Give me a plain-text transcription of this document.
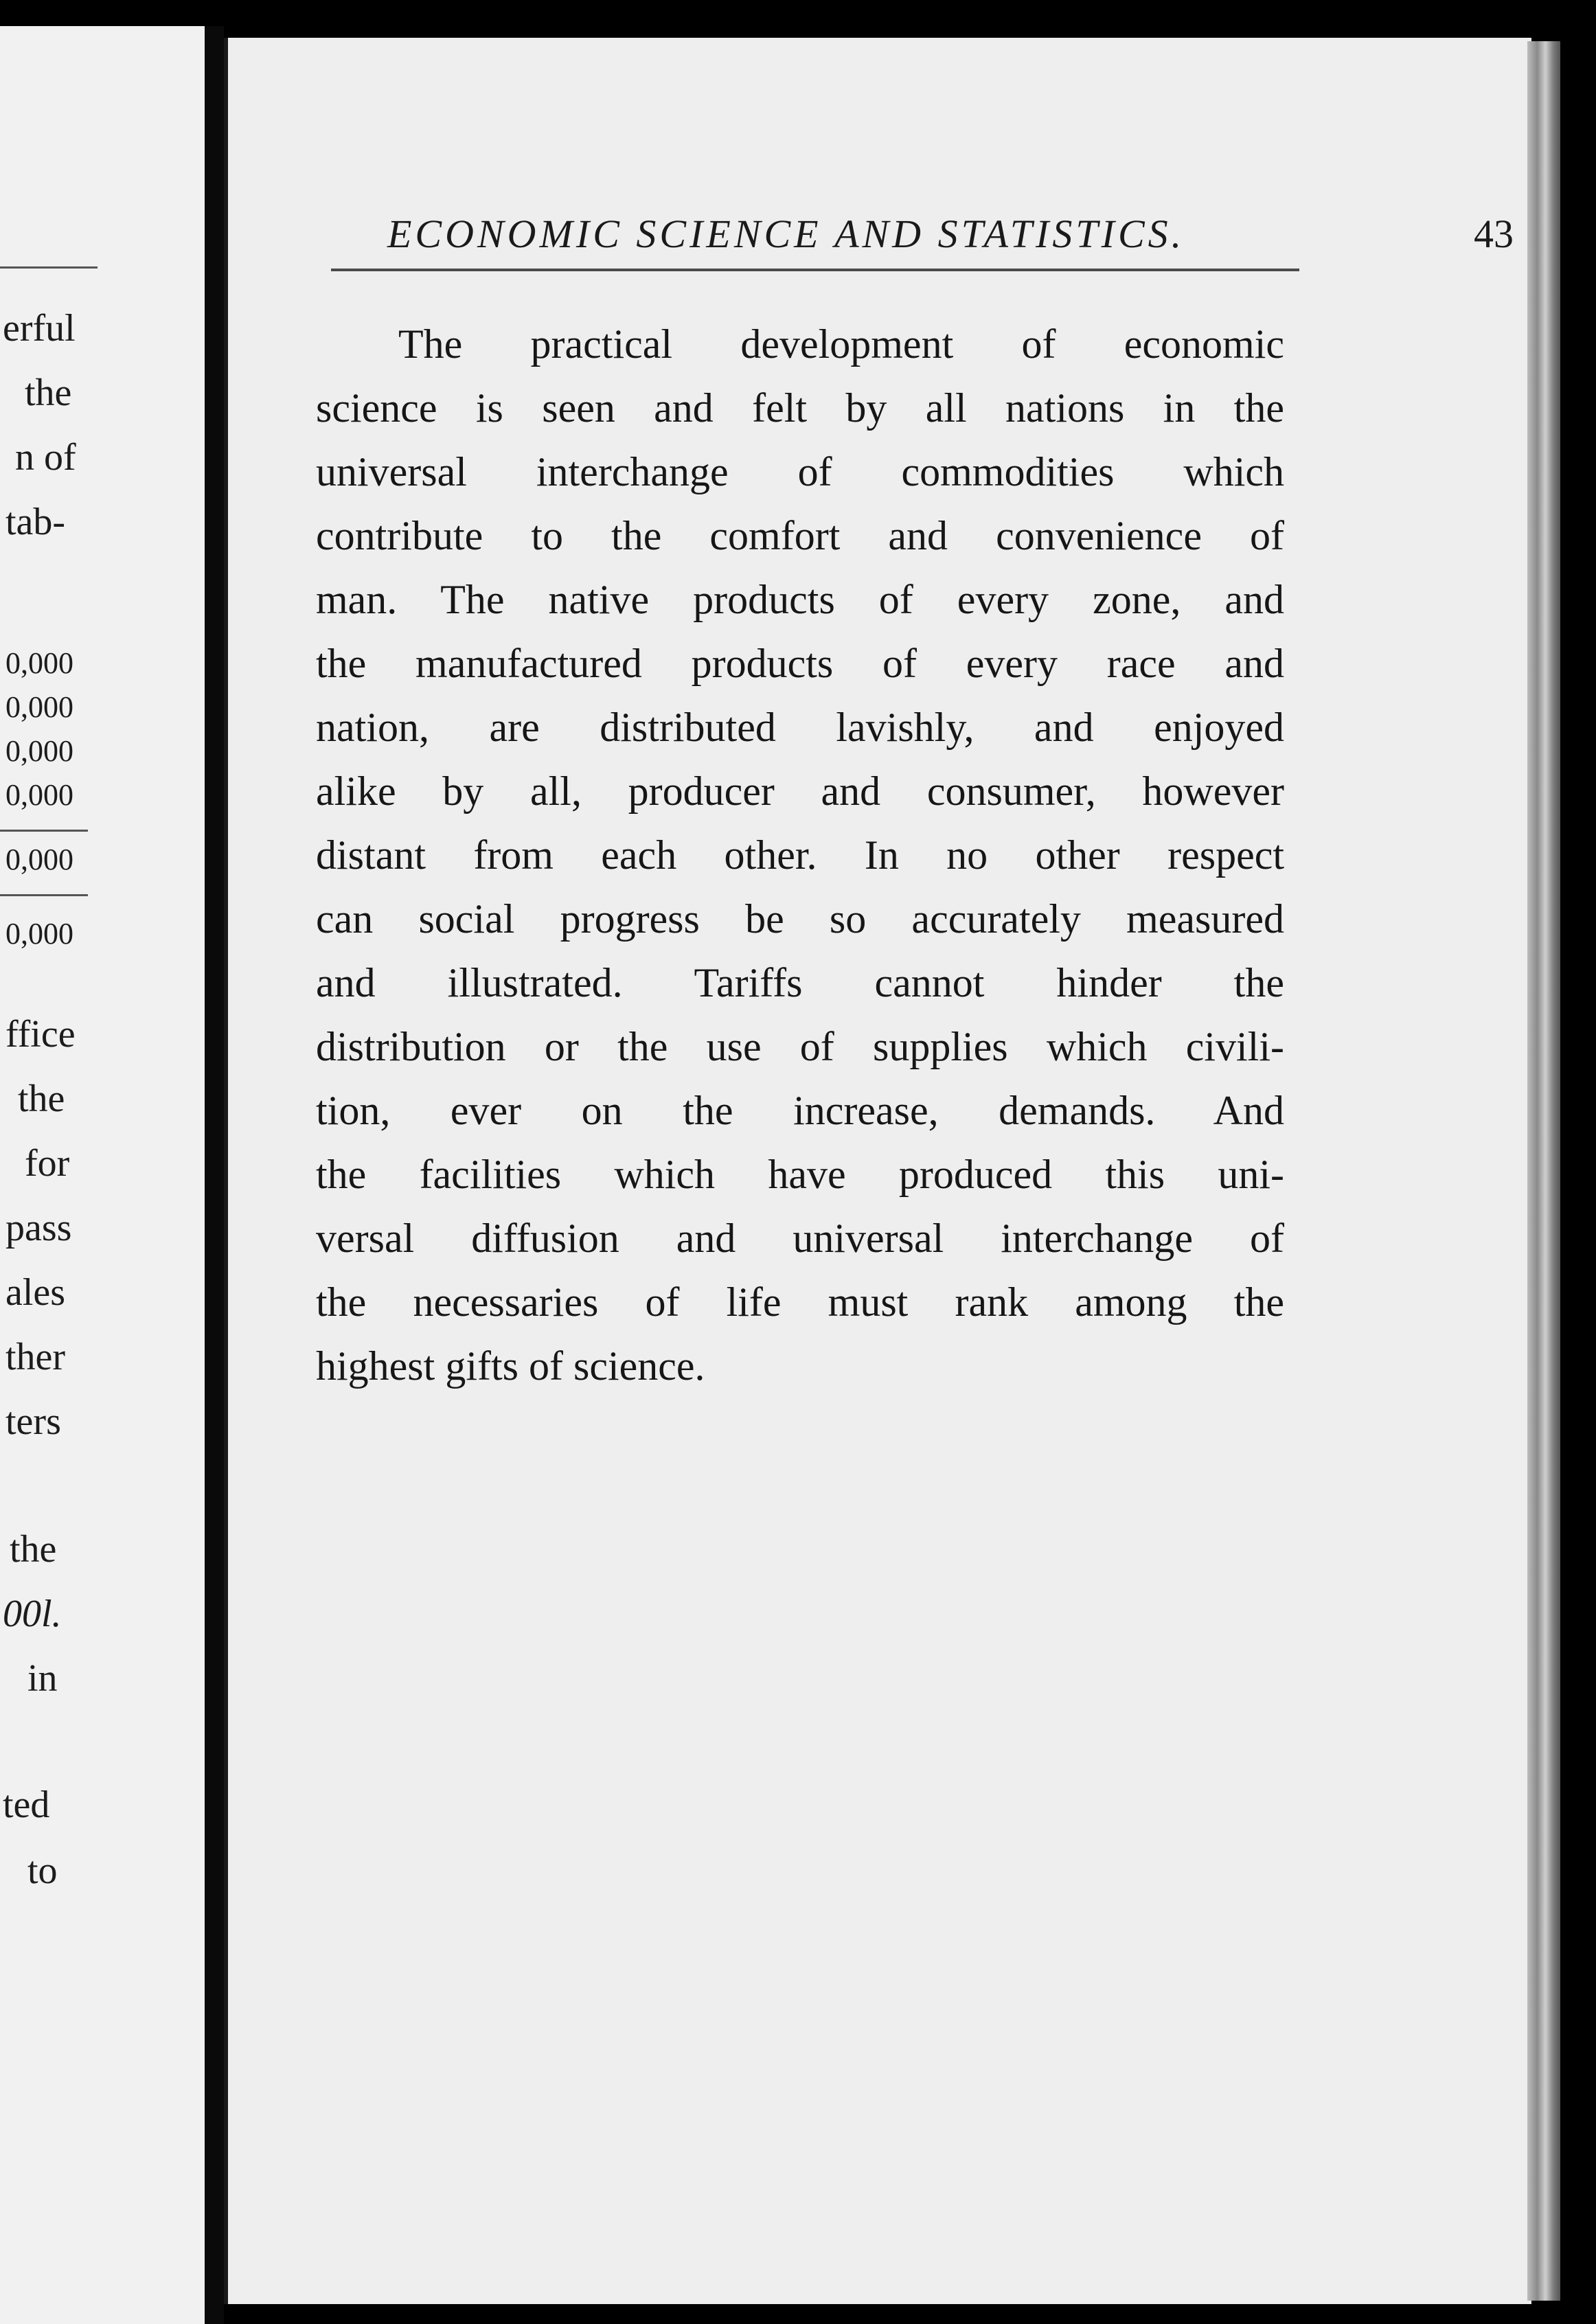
erful
the
n of
tab-
0,000
0,000
0,000
0,000
0,000
0,000
ffice
the
for
pass
ales
ther
ters
the
00l.
in
ted
to
ECONOMIC SCIENCE AND STATISTICS.	43
The practical development of economic
science is seen and felt by all nations in the
universal interchange of commodities which
contribute to the comfort and convenience of
man. The native products of every zone, and
the manufactured products of every race and
nation, are distributed lavishly, and enjoyed
alike by all, producer and consumer, however
distant from each other. In no other respect
can social progress be so accurately measured
and illustrated. Tariffs cannot hinder the
distribution or the use of supplies which civili-
tion, ever on the increase, demands. And
the facilities which have produced this uni-
versal diffusion and universal interchange of
the necessaries of life must rank among the
highest gifts of science.
